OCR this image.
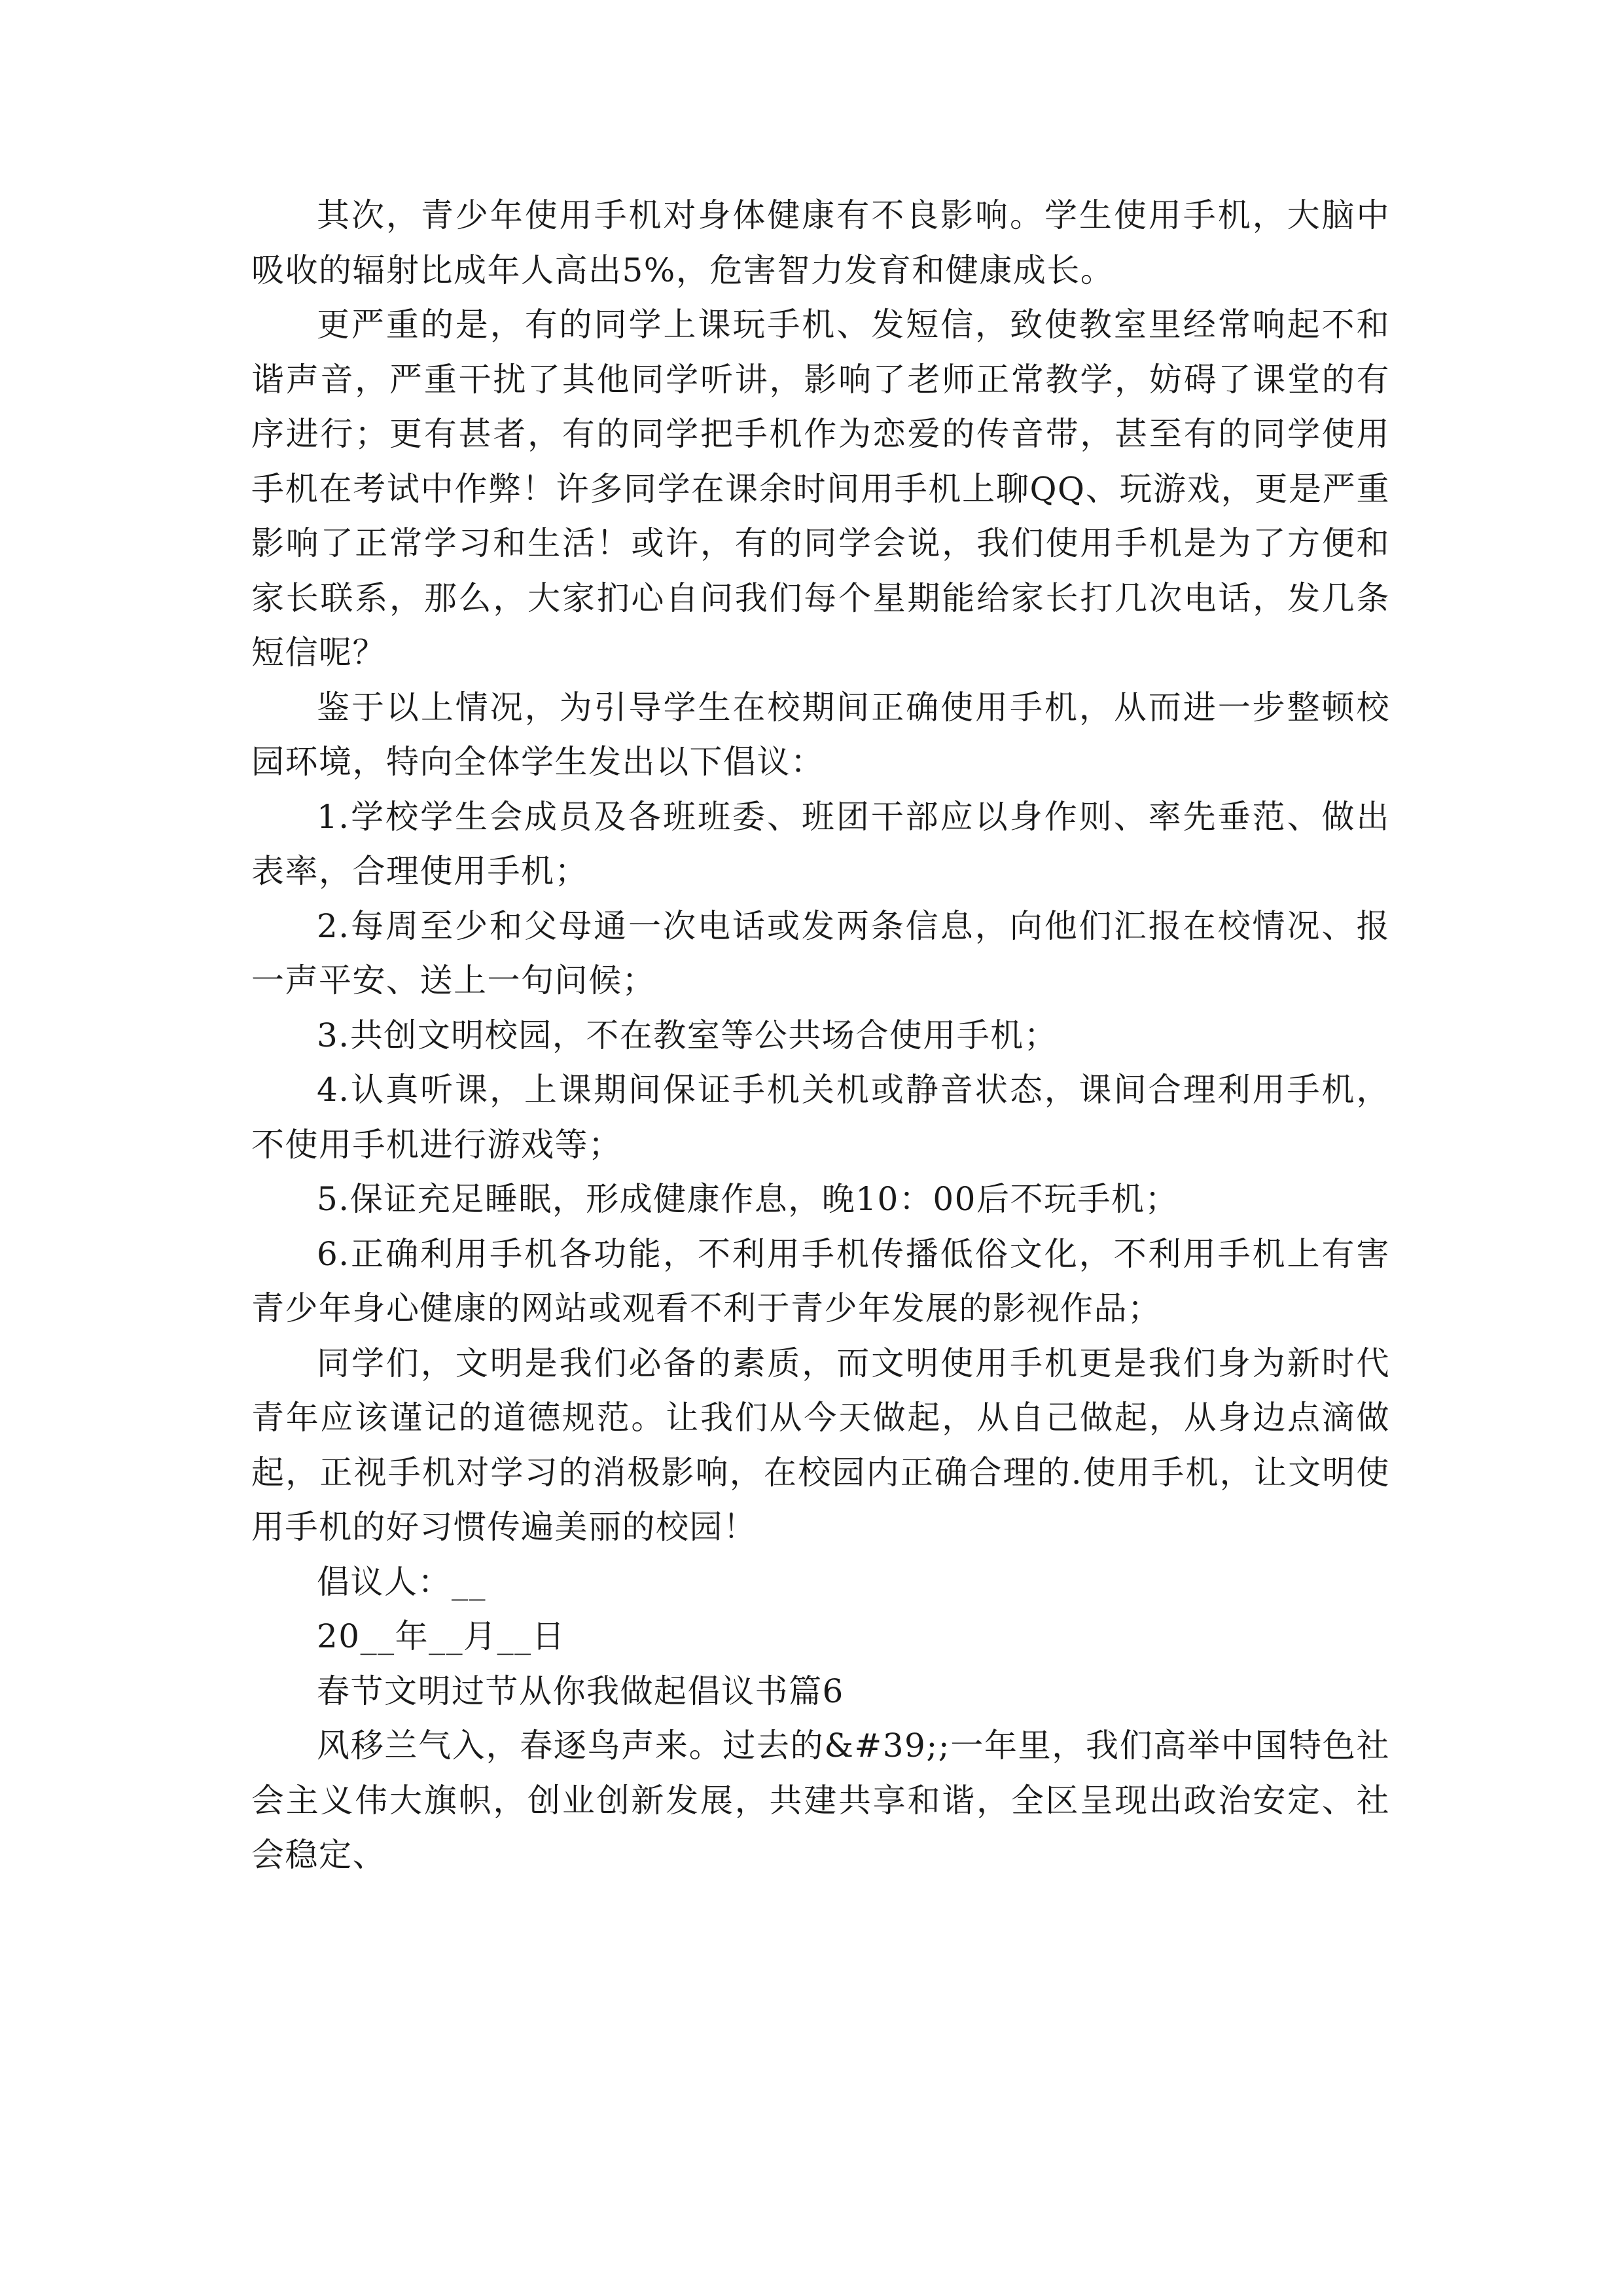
其次，青少年使用手机对身体健康有不良影响。学生使用手机，大脑中吸收的辐射比成年人高出5%，危害智力发育和健康成长。

更严重的是，有的同学上课玩手机、发短信，致使教室里经常响起不和谐声音，严重干扰了其他同学听讲，影响了老师正常教学，妨碍了课堂的有序进行；更有甚者，有的同学把手机作为恋爱的传音带，甚至有的同学使用手机在考试中作弊！许多同学在课余时间用手机上聊QQ、玩游戏，更是严重影响了正常学习和生活！或许，有的同学会说，我们使用手机是为了方便和家长联系，那么，大家扪心自问我们每个星期能给家长打几次电话，发几条短信呢？

鉴于以上情况，为引导学生在校期间正确使用手机，从而进一步整顿校园环境，特向全体学生发出以下倡议：

1.学校学生会成员及各班班委、班团干部应以身作则、率先垂范、做出表率，合理使用手机；

2.每周至少和父母通一次电话或发两条信息，向他们汇报在校情况、报一声平安、送上一句问候；

3.共创文明校园，不在教室等公共场合使用手机；

4.认真听课，上课期间保证手机关机或静音状态，课间合理利用手机，不使用手机进行游戏等；

5.保证充足睡眠，形成健康作息，晚10：00后不玩手机；

6.正确利用手机各功能，不利用手机传播低俗文化，不利用手机上有害青少年身心健康的网站或观看不利于青少年发展的影视作品；

同学们，文明是我们必备的素质，而文明使用手机更是我们身为新时代青年应该谨记的道德规范。让我们从今天做起，从自己做起，从身边点滴做起，正视手机对学习的消极影响，在校园内正确合理的.使用手机，让文明使用手机的好习惯传遍美丽的校园！

倡议人：__

20__年__月__日

春节文明过节从你我做起倡议书篇6

风移兰气入，春逐鸟声来。过去的&#39;;一年里，我们高举中国特色社会主义伟大旗帜，创业创新发展，共建共享和谐，全区呈现出政治安定、社会稳定、
